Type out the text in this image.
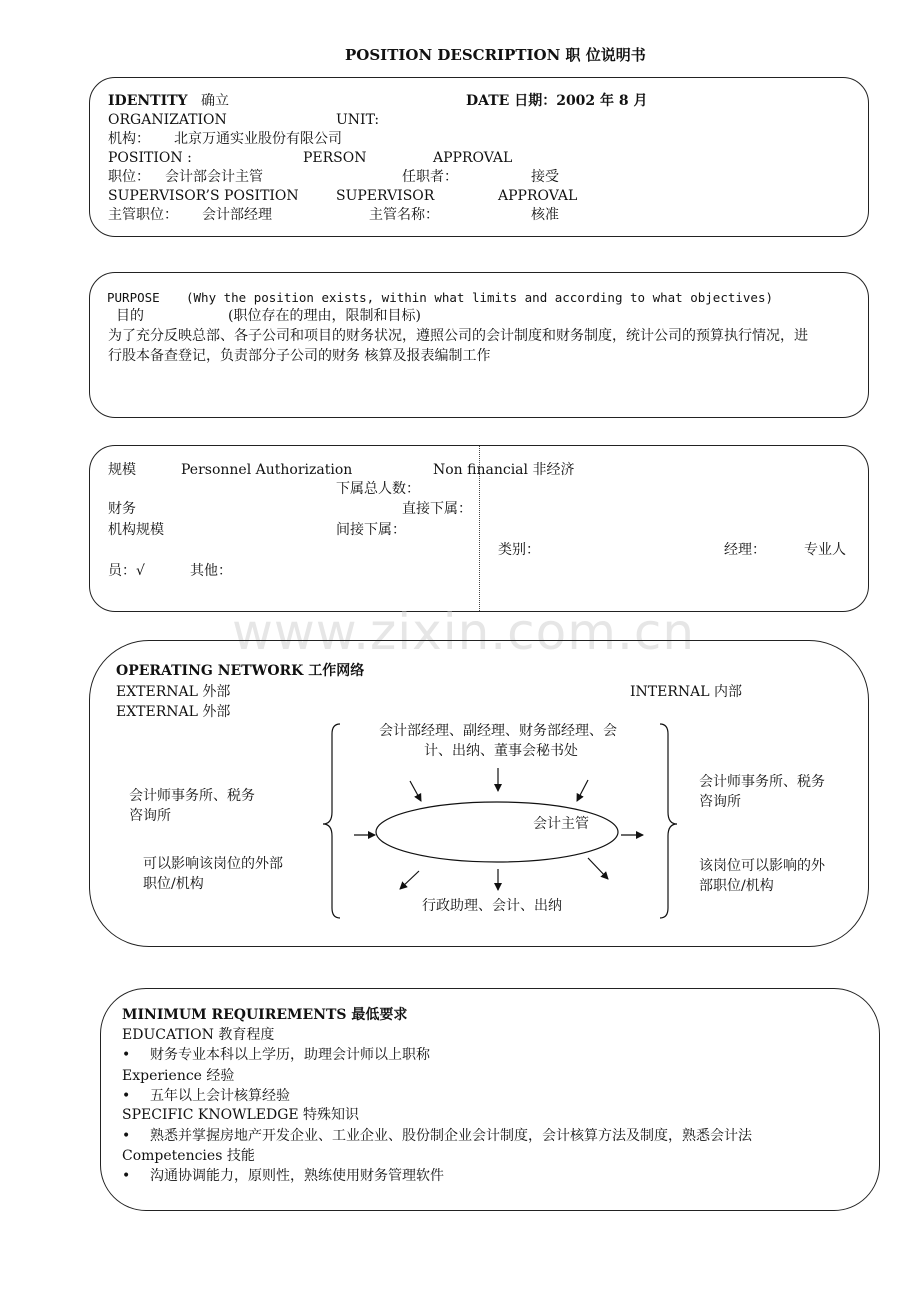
POSITION DESCRIPTION 职 位说明书
IDENTITY 确立	DATE 日期：2002 年 8 月
ORGANIZATION	UNIT:
机构： 北京万通实业股份有限公司
POSITION :	PERSON	APPROVAL
职位： 会计部会计主管	任职者：	接受
SUPERVISOR’S POSITION	SUPERVISOR	APPROVAL
主管职位： 会计部经理	主管名称：	核准
PURPOSE (Why the position exists, within what limits and according to what objectives)
目的	(职位存在的理由，限制和目标)
为了充分反映总部、各子公司和项目的财务状况，遵照公司的会计制度和财务制度，统计公司的预算执行情况，进
行股本备查登记，负责部分子公司的财务 核算及报表编制工作
规模	Personnel Authorization	Non financial 非经济
下属总人数：
财务	直接下属：
机构规模	间接下属：
类别：	经理：	专业人
员：√	其他：
www.zixin.com.cn
OPERATING NETWORK 工作网络
EXTERNAL 外部	INTERNAL 内部
EXTERNAL 外部
会计部经理、副经理、财务部经理、会
计、出纳、董事会秘书处
会计师事务所、税务
咨询所
可以影响该岗位的外部
职位/机构
会计师事务所、税务
咨询所
该岗位可以影响的外
部职位/机构
行政助理、会计、出纳
会计主管
MINIMUM REQUIREMENTS 最低要求
EDUCATION 教育程度
• 财务专业本科以上学历，助理会计师以上职称
Experience 经验
• 五年以上会计核算经验
SPECIFIC KNOWLEDGE 特殊知识
• 熟悉并掌握房地产开发企业、工业企业、股份制企业会计制度，会计核算方法及制度，熟悉会计法
Competencies 技能
• 沟通协调能力，原则性，熟练使用财务管理软件
